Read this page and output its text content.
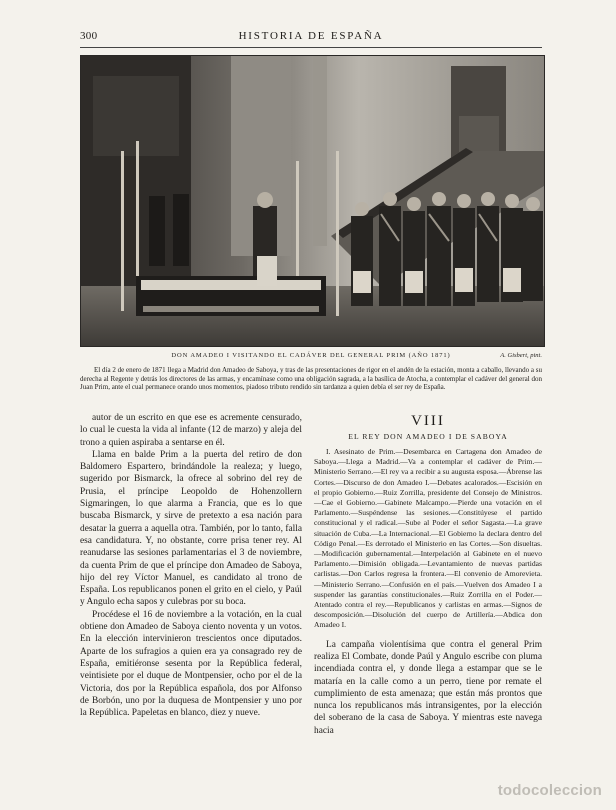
300	HISTORIA DE ESPAÑA
DON AMADEO I VISITANDO EL CADÁVER DEL GENERAL PRIM (AÑO 1871)	A. Gisbert, pint.
El día 2 de enero de 1871 llega a Madrid don Amadeo de Saboya, y tras de las presentaciones de rigor en el andén de la estación, monta a caballo, llevando a su derecha al Regente y detrás los directores de las armas, y encamínase como una obligación sagrada, a la basílica de Atocha, a contemplar el cadáver del general don Juan Prim, ante el cual permanece orando unos momentos, piadoso tributo rendido sin tardanza a quien debía el ser rey de España.

autor de un escrito en que ese es acremente censurado, lo cual le cuesta la vida al infante (12 de marzo) y aleja del trono a quien aspiraba a sentarse en él.

Llama en balde Prim a la puerta del retiro de don Baldomero Espartero, brindándole la realeza; y luego, sugerido por Bismarck, la ofrece al sobrino del rey de Prusia, el príncipe Leopoldo de Hohenzollern Sigmaringen, lo que alarma a Francia, que es lo que buscaba Bismarck, y sirve de pretexto a esa nación para desatar la guerra a aquella otra. También, por lo tanto, falla esa candidatura. Y, no obstante, corre prisa tener rey. Al reanudarse las sesiones parlamentarias el 3 de noviembre, da cuenta Prim de que el príncipe don Amadeo de Saboya, hijo del rey Víctor Manuel, es candidato al trono de España. Los republicanos ponen el grito en el cielo, y Paúl y Angulo echa sapos y culebras por su boca.

Procédese el 16 de noviembre a la votación, en la cual obtiene don Amadeo de Saboya ciento noventa y un votos. En la elección intervinieron trescientos once diputados. Aparte de los sufragios a quien era ya consagrado rey de España, emitiéronse sesenta por la República federal, veintisiete por el duque de Montpensier, ocho por el de la Victoria, dos por la República española, dos por Alfonso de Borbón, uno por la duquesa de Montpensier y uno por la República. Papeletas en blanco, diez y nueve.

VIII
EL REY DON AMADEO I DE SABOYA

I. Asesinato de Prim.—Desembarca en Cartagena don Amadeo de Saboya.—Llega a Madrid.—Va a contemplar el cadáver de Prim.—Ministerio Serrano.—El rey va a recibir a su augusta esposa.—Ábrense las Cortes.—Discurso de don Amadeo I.—Debates acalorados.—Escisión en el propio Gobierno.—Ruiz Zorrilla, presidente del Consejo de Ministros.—Cae el Gobierno.—Gabinete Malcampo.—Pierde una votación en el Parlamento.—Suspéndense las sesiones.—Constitúyese el partido constitucional y el radical.—Sube al Poder el señor Sagasta.—La grave situación de Cuba.—La Internacional.—El Gobierno la declara dentro del Código Penal.—Es derrotado el Ministerio en las Cortes.—Son disueltas.—Modificación gubernamental.—Interpelación al Gabinete en el nuevo Parlamento.—Dimisión obligada.—Levantamiento de nuevas partidas carlistas.—Don Carlos regresa la frontera.—El convenio de Amorevieta.—Ministerio Serrano.—Confusión en el país.—Vuelven dos Amadeo I a suspender las garantías constitucionales.—Ruiz Zorrilla en el Poder.—Atentado contra el rey.—Republicanos y carlistas en armas.—Signos de descomposición.—Disolución del cuerpo de Artillería.—Abdica don Amadeo I.

La campaña violentísima que contra el general Prim realiza El Combate, donde Paúl y Angulo escribe con pluma incendiada contra el, y donde llega a estampar que se le mataría en la calle como a un perro, tiene por remate el cumplimiento de esta amenaza; que están más prontos que nunca los republicanos más intransigentes, por la elección del soberano de la casa de Saboya. Y mientras este navega hacia

todocoleccion
